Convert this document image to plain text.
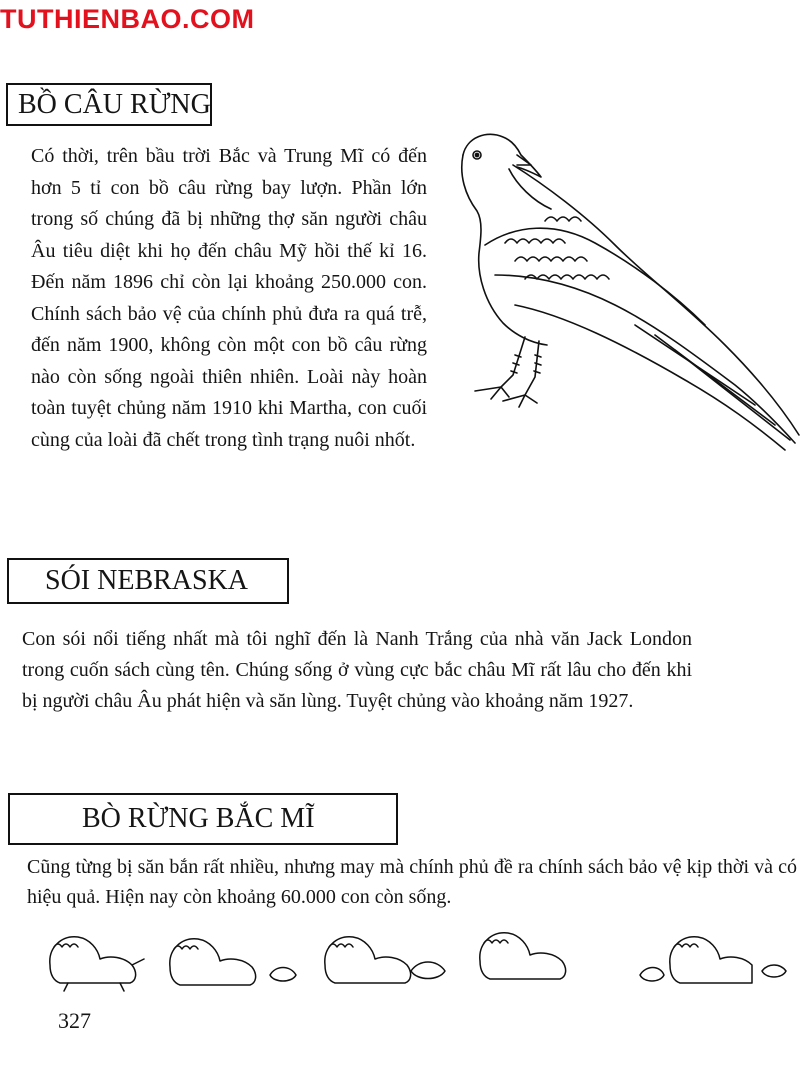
TUTHIENBAO.COM
BỒ CÂU RỪNG

Có thời, trên bầu trời Bắc và Trung Mĩ có đến hơn 5 tỉ con bồ câu rừng bay lượn. Phần lớn trong số chúng đã bị những thợ săn người châu Âu tiêu diệt khi họ đến châu Mỹ hồi thế kỉ 16. Đến năm 1896 chỉ còn lại khoảng 250.000 con. Chính sách bảo vệ của chính phủ đưa ra quá trễ, đến năm 1900, không còn một con bồ câu rừng nào còn sống ngoài thiên nhiên. Loài này hoàn toàn tuyệt chủng năm 1910 khi Martha, con cuối cùng của loài đã chết trong tình trạng nuôi nhốt.

SÓI NEBRASKA

Con sói nổi tiếng nhất mà tôi nghĩ đến là Nanh Trắng của nhà văn Jack London trong cuốn sách cùng tên. Chúng sống ở vùng cực bắc châu Mĩ rất lâu cho đến khi bị người châu Âu phát hiện và săn lùng. Tuyệt chủng vào khoảng năm 1927.

BÒ RỪNG BẮC MĨ

Cũng từng bị săn bắn rất nhiều, nhưng may mà chính phủ đề ra chính sách bảo vệ kịp thời và có hiệu quả. Hiện nay còn khoảng 60.000 con còn sống.

327
